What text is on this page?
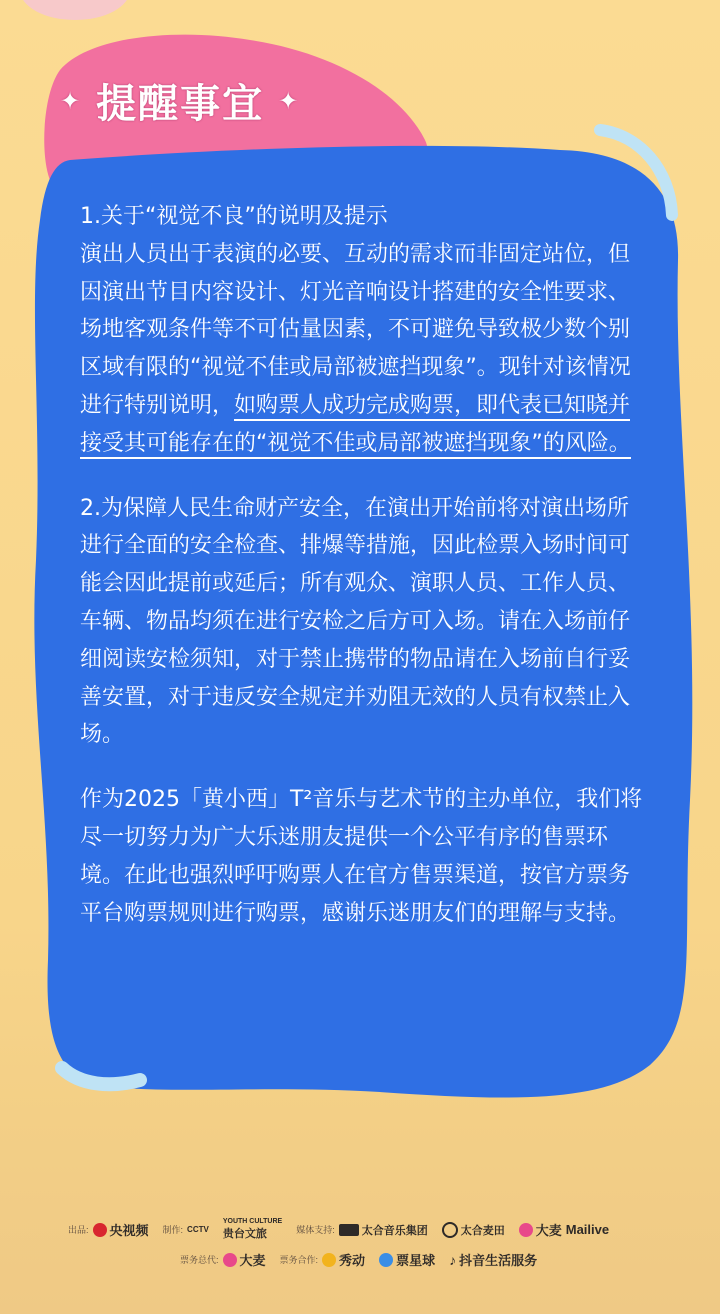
✦ 提醒事宜 ✦

1.关于“视觉不良”的说明及提示

演出人员出于表演的必要、互动的需求而非固定站位，但因演出节目内容设计、灯光音响设计搭建的安全性要求、场地客观条件等不可估量因素，不可避免导致极少数个别区域有限的“视觉不佳或局部被遮挡现象”。现针对该情况进行特别说明，如购票人成功完成购票，即代表已知晓并接受其可能存在的“视觉不佳或局部被遮挡现象”的风险。

2.为保障人民生命财产安全，在演出开始前将对演出场所进行全面的安全检查、排爆等措施，因此检票入场时间可能会因此提前或延后；所有观众、演职人员、工作人员、车辆、物品均须在进行安检之后方可入场。请在入场前仔细阅读安检须知，对于禁止携带的物品请在入场前自行妥善安置，对于违反安全规定并劝阻无效的人员有权禁止入场。

作为2025「黄小西」T²音乐与艺术节的主办单位，我们将尽一切努力为广大乐迷朋友提供一个公平有序的售票环境。在此也强烈呼吁购票人在官方售票渠道，按官方票务平台购票规则进行购票，感谢乐迷朋友们的理解与支持。

出品: 央视频 制作: CCTV
YOUTH CULTURE
贵台文旅	媒体支持: 太合音乐集团	太合麦田 大麦 Mailive
票务总代: 大麦 票务合作: 秀动 票星球 ♪ 抖音生活服务
